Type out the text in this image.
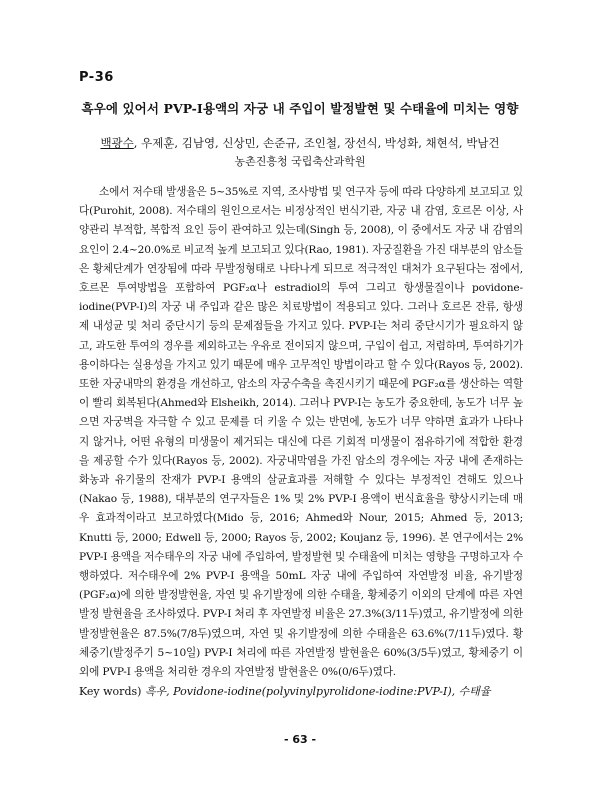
P-36
흑우에 있어서 PVP-I용액의 자궁 내 주입이 발정발현 및 수태율에 미치는 영향
백광수, 우제훈, 김남영, 신상민, 손준규, 조인철, 장선식, 박성화, 채현석, 박남건
농촌진흥청 국립축산과학원

소에서 저수태 발생율은 5~35%로 지역, 조사방법 및 연구자 등에 따라 다양하게 보고되고 있다(Purohit, 2008). 저수태의 원인으로서는 비정상적인 번식기관, 자궁 내 감염, 호르몬 이상, 사양관리 부적합, 복합적 요인 등이 관여하고 있는데(Singh 등, 2008), 이 중에서도 자궁 내 감염의 요인이 2.4~20.0%로 비교적 높게 보고되고 있다(Rao, 1981). 자궁질환을 가진 대부분의 암소들은 황체단계가 연장됨에 따라 무발정형태로 나타나게 되므로 적극적인 대처가 요구된다는 점에서, 호르몬 투여방법을 포함하여 PGF₂α나 estradiol의 투여 그리고 항생물질이나 povidone-iodine(PVP-I)의 자궁 내 주입과 같은 많은 치료방법이 적용되고 있다. 그러나 호르몬 잔류, 항생제 내성균 및 처리 중단시기 등의 문제점들을 가지고 있다. PVP-I는 처리 중단시기가 필요하지 않고, 과도한 투여의 경우를 제외하고는 우유로 전이되지 않으며, 구입이 쉽고, 저렴하며, 투여하기가 용이하다는 실용성을 가지고 있기 때문에 매우 고무적인 방법이라고 할 수 있다(Rayos 등, 2002). 또한 자궁내막의 환경을 개선하고, 암소의 자궁수축을 촉진시키기 때문에 PGF₂α를 생산하는 역할이 빨리 회복된다(Ahmed와 Elsheikh, 2014). 그러나 PVP-I는 농도가 중요한데, 농도가 너무 높으면 자궁벽을 자극할 수 있고 문제를 더 키울 수 있는 반면에, 농도가 너무 약하면 효과가 나타나지 않거나, 어떤 유형의 미생물이 제거되는 대신에 다른 기회적 미생물이 점유하기에 적합한 환경을 제공할 수가 있다(Rayos 등, 2002). 자궁내막염을 가진 암소의 경우에는 자궁 내에 존재하는 화농과 유기물의 잔재가 PVP-I 용액의 살균효과를 저해할 수 있다는 부정적인 견해도 있으나(Nakao 등, 1988), 대부분의 연구자들은 1% 및 2% PVP-I 용액이 번식효율을 향상시키는데 매우 효과적이라고 보고하였다(Mido 등, 2016; Ahmed와 Nour, 2015; Ahmed 등, 2013; Knutti 등, 2000; Edwell 등, 2000; Rayos 등, 2002; Koujanz 등, 1996). 본 연구에서는 2% PVP-I 용액을 저수태우의 자궁 내에 주입하여, 발정발현 및 수태율에 미치는 영향을 구명하고자 수행하였다. 저수태우에 2% PVP-I 용액을 50mL 자궁 내에 주입하여 자연발정 비율, 유기발정(PGF₂α)에 의한 발정발현율, 자연 및 유기발정에 의한 수태율, 황체중기 이외의 단계에 따른 자연발정 발현율을 조사하였다. PVP-I 처리 후 자연발정 비율은 27.3%(3/11두)였고, 유기발정에 의한 발정발현율은 87.5%(7/8두)였으며, 자연 및 유기발정에 의한 수태율은 63.6%(7/11두)였다. 황체중기(발정주기 5~10일) PVP-I 처리에 따른 자연발정 발현율은 60%(3/5두)였고, 황체중기 이외에 PVP-I 용액을 처리한 경우의 자연발정 발현율은 0%(0/6두)였다.

Key words) 흑우, Povidone-iodine(polyvinylpyrolidone-iodine:PVP-I), 수태율
- 63 -
